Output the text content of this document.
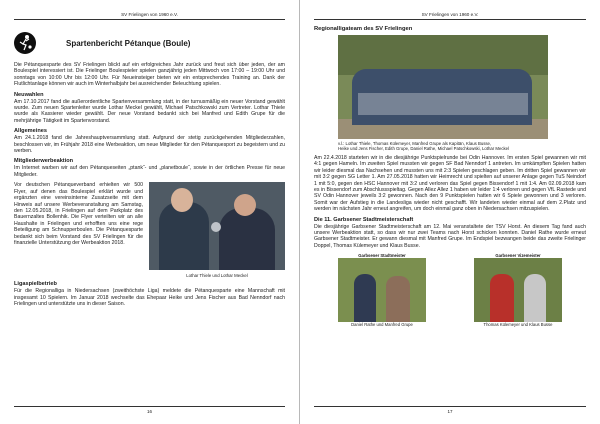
SV Frielingen von 1960 e.V.
Spartenbericht Pétanque (Boule)

Die Pétanquesparte des SV Frielingen blickt auf ein erfolgreiches Jahr zurück und freut sich über jeden, der am Boulespiel interessiert ist. Die Frielinger Boulespieler spielen ganzjährig jeden Mittwoch von 17:00 – 19:00 Uhr und sonntags von 10:00 Uhr bis 12:00 Uhr. Für Neueinsteiger bieten wir ein entsprechendes Training an. Dank der Flutlichtanlage können wir auch im Winterhalbjahr bei ausreichender Beleuchtung spielen.

Neuwahlen

Am 17.10.2017 fand die außerordentliche Spartenversammlung statt, in der turnusmäßig ein neuer Vorstand gewählt wurde. Zum neuen Spartenleiter wurde Lothar Meckel gewählt, Michael Patschkowski zum Vertreter. Lothar Thiele wurde als Kassierer wieder gewählt. Der neue Vorstand bedankt sich bei Manfred und Edith Grupe für die mehrjährige Tätigkeit im Spartenvorstand.

Allgemeines

Am 24.1.2018 fand die Jahreshauptversammlung statt. Aufgrund der stetig zurückgehenden Mitgliederzahlen, beschlossen wir, im Frühjahr 2018 eine Werbeaktion, um neue Mitglieder für den Pétanquesport zu begeistern und zu werben.

Mitgliederwerbeaktion

Im Internet warben wir auf den Pétanqueseiten „ptank“- und „planetboule“, sowie in der örtlichen Presse für neue Mitglieder.

Vor deutschen Pétanqueverband erhielten wir 500 Flyer, auf denen das Boulespiel erklärt wurde und ergänzten eine vereinsinterne Zusatzseite mit dem Hinweis auf unsere Werbeveranstaltung am Samstag, den 12.05.2018, in Frielingen auf dem Parkplatz des Bauernzaltes Bollenhik. Die Flyer verteilten wir an alle Haushalte in Frielingen und erhofften uns eine rege Beteiligung am Schnupperboulen. Die Pétanquesparte bedankt sich beim Vorstand des SV Frielingen für die finanzielle Unterstützung der Werbeaktion 2018.
Lothar Thiele und Lothar Meckel
Ligaspielbetrieb

Für die Regionalliga in Niedersachsen (zweithöchste Liga) meldete die Pétanquesparte eine Mannschaft mit insgesamt 10 Spielern. Im Januar 2018 wechselte das Ehepaar Heike und Jens Fischer aus Bad Nenndorf nach Frielingen und unterstützte uns in dieser Saison.

16
SV Frielingen von 1960 e.V.
Regionalligateam des SV Frielingen
v.l.: Lothar Thiele, Thomas Külemeyer, Manfred Grupe als Kapitän, Klaus Busse,
Heike und Jens Fischer, Edith Grupe, Daniel Rathe, Michael Patschkowski, Lothar Meckel

Am 22.4.2018 starteten wir in die diesjährige Punktspielrunde bei Odin Hannover. Im ersten Spiel gewannen wir mit 4:1 gegen Hameln. Im zweiten Spiel mussten wir gegen SF Bad Nenndorf 1 antreten. Im umkämpften Spielen hatten wir leider diesmal das Nachsehen und mussten uns mit 2:3 Spielen geschlagen geben. Im dritten Spiel gewannen wir mit 3:2 gegen SG Letter 1. Am 27.05.2018 hatten wir Heimrecht und spielten auf unserer Anlage gegen TuS Neindorf 1 mit 5:0, gegen den HSC Hannover mit 3:2 und verloren das Spiel gegen Bissendorf 1 mit 1:4. Am 02.09.2018 kam es in Bissendorf zum Abschlussspieltag. Gegen Allez Allez 1 haben wir leider 1:4 verloren und gegen VfL Rastede und SV Odin Hannover jeweils 3:2 gewonnen. Nach den 9 Punktspielen hatten wir 6 Spiele gewonnen und 3 verloren. Somit war der Aufstieg in die Landesliga wieder nicht geschafft. Wir landeten wieder einmal auf dem 2.Platz und werden im nächsten Jahr erneut angreifen, um doch einmal ganz oben in Niedersachsen mitzuspielen.

Die 11. Garbsener Stadtmeisterschaft

Die diesjährige Garbsener Stadtmeisterschaft am 12. Mai veranstaltete der TSV Horst. An diesem Tag fand auch unsere Werbeaktion statt, so dass wir nur zwei Teams nach Horst schicken konnten. Daniel Rathe wurde erneut Garbsener Stadtmeister. Er gewann diesmal mit Manfred Grupe. Im Endspiel bezwangen beide das zweite Frielinger Doppel, Thomas Külemeyer und Klaus Busse.

Garbsener Stadtmeister
Daniel Rathe und Manfred Grupe
Garbsener Vizemeister
Thomas Külemeyer und Klaus Busse
17
